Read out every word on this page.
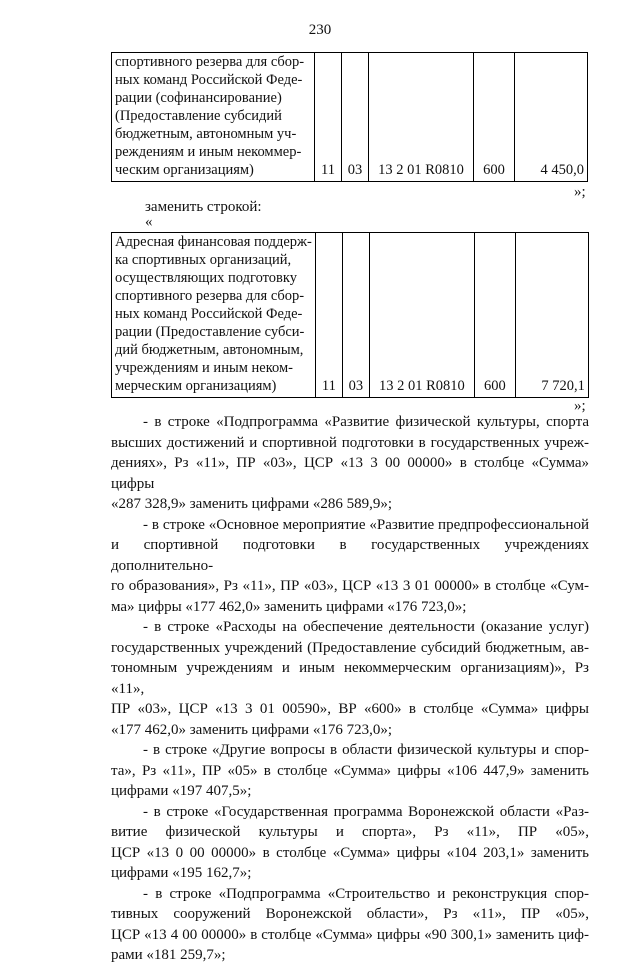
230
спортивного резерва для сбор-
ных команд Российской Федe-
рации (софинансирование)
(Предоставление субсидий
бюджетным, автономным уч-
реждениям и иным некоммер-
ческим организациям)	11	03	13 2 01 R0810	600	4 450,0
»;
заменить строкой:
«
Адресная финансовая поддерж-
ка спортивных организаций,
осуществляющих подготовку
спортивного резерва для сбор-
ных команд Российской Феде-
рации (Предоставление субси-
дий бюджетным, автономным,
учреждениям и иным неком-
мерческим организациям)	11	03	13 2 01 R0810	600	7 720,1
»;
- в строке «Подпрограмма «Развитие физической культуры, спорта
высших достижений и спортивной подготовки в государственных учреж-
дениях», Рз «11», ПР «03», ЦСР «13 3 00 00000» в столбце «Сумма» цифры
«287 328,9» заменить цифрами «286 589,9»;
- в строке «Основное мероприятие «Развитие предпрофессиональной
и спортивной подготовки в государственных учреждениях дополнительно-
го образования», Рз «11», ПР «03», ЦСР «13 3 01 00000» в столбце «Сум-
ма» цифры «177 462,0» заменить цифрами «176 723,0»;
- в строке «Расходы на обеспечение деятельности (оказание услуг)
государственных учреждений (Предоставление субсидий бюджетным, ав-
тономным учреждениям и иным некоммерческим организациям)», Рз «11»,
ПР «03», ЦСР «13 3 01 00590», ВР «600» в столбце «Сумма» цифры
«177 462,0» заменить цифрами «176 723,0»;
- в строке «Другие вопросы в области физической культуры и спор-
та», Рз «11», ПР «05» в столбце «Сумма» цифры «106 447,9» заменить
цифрами «197 407,5»;
- в строке «Государственная программа Воронежской области «Раз-
витие физической культуры и спорта», Рз «11», ПР «05»,
ЦСР «13 0 00 00000» в столбце «Сумма» цифры «104 203,1» заменить
цифрами «195 162,7»;
- в строке «Подпрограмма «Строительство и реконструкция спор-
тивных сооружений Воронежской области», Рз «11», ПР «05»,
ЦСР «13 4 00 00000» в столбце «Сумма» цифры «90 300,1» заменить циф-
рами «181 259,7»;
